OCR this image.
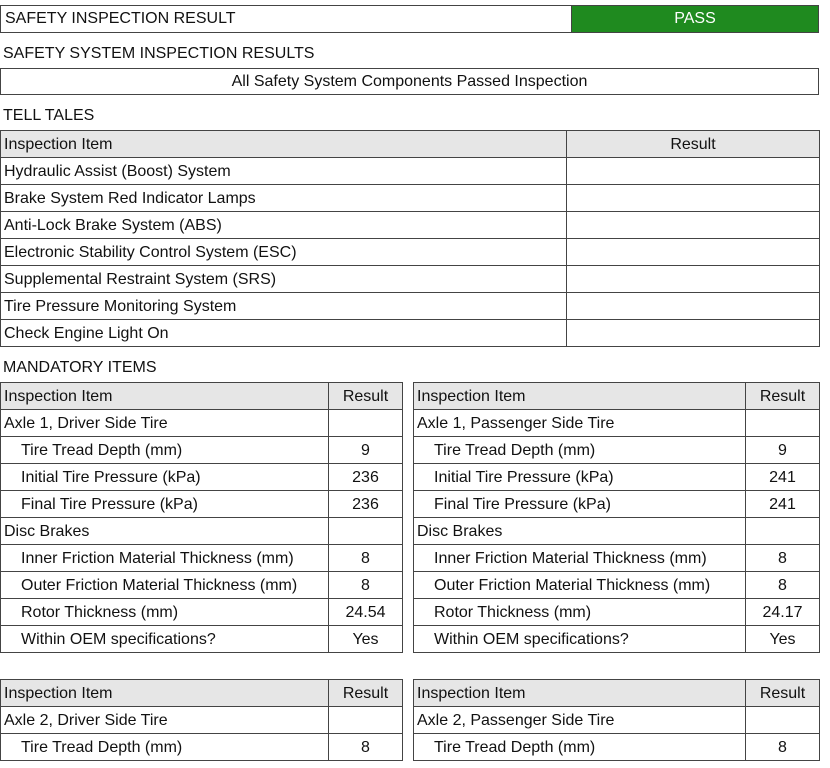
SAFETY INSPECTION RESULT	PASS
SAFETY SYSTEM INSPECTION RESULTS
All Safety System Components Passed Inspection
TELL TALES
Inspection Item	Result
Hydraulic Assist (Boost) System	
Brake System Red Indicator Lamps	
Anti-Lock Brake System (ABS)	
Electronic Stability Control System (ESC)	
Supplemental Restraint System (SRS)	
Tire Pressure Monitoring System	
Check Engine Light On	
MANDATORY ITEMS
Inspection Item	Result
Axle 1, Driver Side Tire	
Tire Tread Depth (mm)	9
Initial Tire Pressure (kPa)	236
Final Tire Pressure (kPa)	236
Disc Brakes	
Inner Friction Material Thickness (mm)	8
Outer Friction Material Thickness (mm)	8
Rotor Thickness (mm)	24.54
Within OEM specifications?	Yes
Inspection Item	Result
Axle 1, Passenger Side Tire	
Tire Tread Depth (mm)	9
Initial Tire Pressure (kPa)	241
Final Tire Pressure (kPa)	241
Disc Brakes	
Inner Friction Material Thickness (mm)	8
Outer Friction Material Thickness (mm)	8
Rotor Thickness (mm)	24.17
Within OEM specifications?	Yes
Inspection Item	Result
Axle 2, Driver Side Tire	
Tire Tread Depth (mm)	8
Inspection Item	Result
Axle 2, Passenger Side Tire	
Tire Tread Depth (mm)	8
